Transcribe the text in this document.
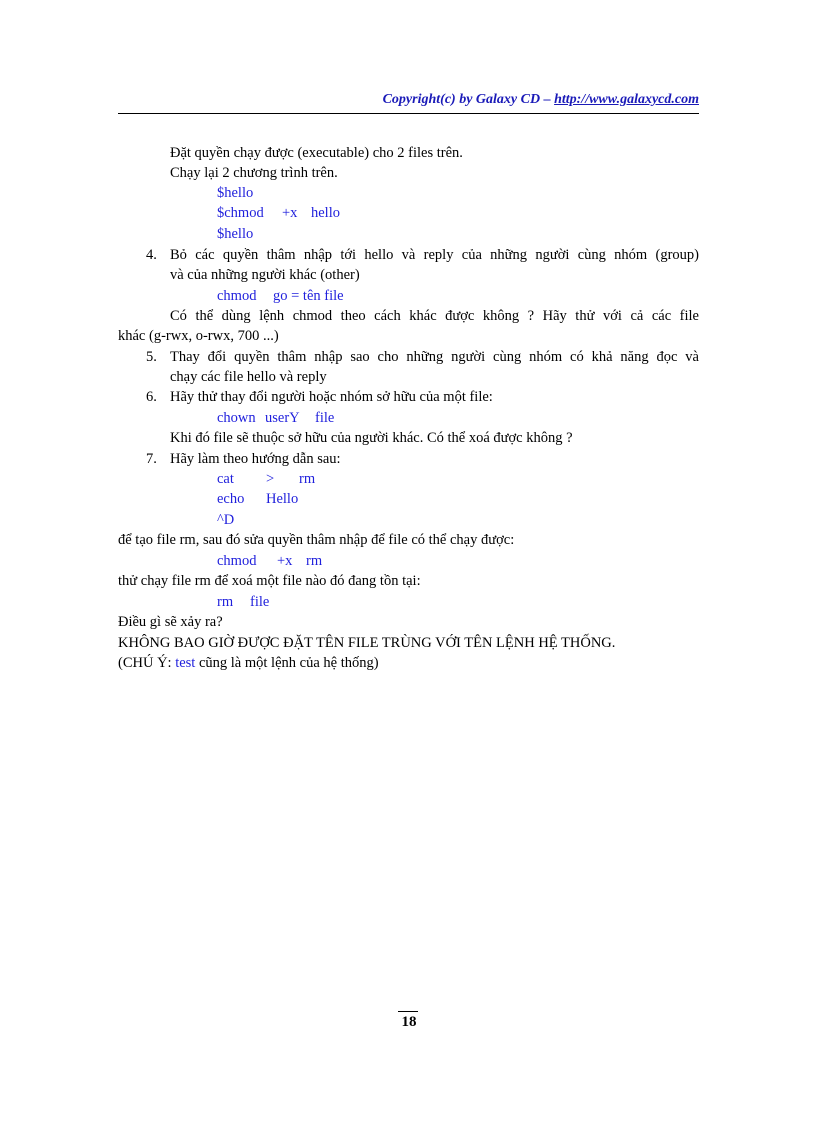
Copyright(c) by Galaxy CD – http://www.galaxycd.com
Đặt quyền chạy được (executable) cho 2 files trên.
Chạy lại 2 chương trình trên.
$hello
$chmod +x hello
$hello
4. Bỏ các quyền thâm nhập tới hello và reply của những người cùng nhóm (group)
và của những người khác (other)
chmod go = tên file
Có thể dùng lệnh chmod theo cách khác được không ? Hãy thử với cả các file
khác (g-rwx, o-rwx, 700 ...)
5. Thay đổi quyền thâm nhập sao cho những người cùng nhóm có khả năng đọc và
chạy các file hello và reply
6. Hãy thử thay đổi người hoặc nhóm sở hữu của một file:
chown userY file
Khi đó file sẽ thuộc sở hữu của người khác. Có thể xoá được không ?
7. Hãy làm theo hướng dẫn sau:
cat > rm
echo Hello
^D
để tạo file rm, sau đó sửa quyền thâm nhập để file có thể chạy được:
chmod +x rm
thử chạy file rm để xoá một file nào đó đang tồn tại:
rm file
Điều gì sẽ xảy ra?
KHÔNG BAO GIỜ ĐƯỢC ĐẶT TÊN FILE TRÙNG VỚI TÊN LỆNH HỆ THỐNG.
(CHÚ Ý: test cũng là một lệnh của hệ thống)
18
